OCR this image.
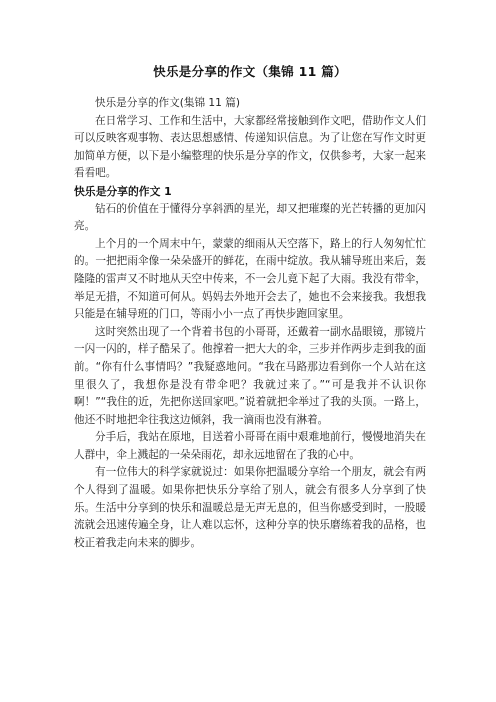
快乐是分享的作文（集锦 11 篇）

快乐是分享的作文(集锦 11 篇)

在日常学习、工作和生活中，大家都经常接触到作文吧，借助作文人们可以反映客观事物、表达思想感情、传递知识信息。为了让您在写作文时更加简单方便，以下是小编整理的快乐是分享的作文，仅供参考，大家一起来看看吧。

快乐是分享的作文 1

钻石的价值在于懂得分享斜洒的星光，却又把璀璨的光芒转播的更加闪亮。

上个月的一个周末中午，蒙蒙的细雨从天空落下，路上的行人匆匆忙忙的。一把把雨伞像一朵朵盛开的鲜花，在雨中绽放。我从辅导班出来后，轰隆隆的雷声又不时地从天空中传来，不一会儿竟下起了大雨。我没有带伞，举足无措，不知道可何从。妈妈去外地开会去了，她也不会来接我。我想我只能是在辅导班的门口，等雨小小一点了再快步跑回家里。

这时突然出现了一个背着书包的小哥哥，还戴着一副水晶眼镜，那镜片一闪一闪的，样子酷呆了。他撑着一把大大的伞，三步并作两步走到我的面前。“你有什么事情吗？”我疑惑地问。“我在马路那边看到你一个人站在这里很久了，我想你是没有带伞吧？我就过来了。”“可是我并不认识你啊！”“我住的近，先把你送回家吧。”说着就把伞举过了我的头顶。一路上，他还不时地把伞往我这边倾斜，我一滴雨也没有淋着。

分手后，我站在原地，目送着小哥哥在雨中艰难地前行，慢慢地消失在人群中，伞上溅起的一朵朵雨花，却永远地留在了我的心中。

有一位伟大的科学家就说过：如果你把温暖分享给一个朋友，就会有两个人得到了温暖。如果你把快乐分享给了别人，就会有很多人分享到了快乐。生活中分享到的快乐和温暖总是无声无息的，但当你感受到时，一股暖流就会迅速传遍全身，让人难以忘怀，这种分享的快乐磨练着我的品格，也校正着我走向未来的脚步。
